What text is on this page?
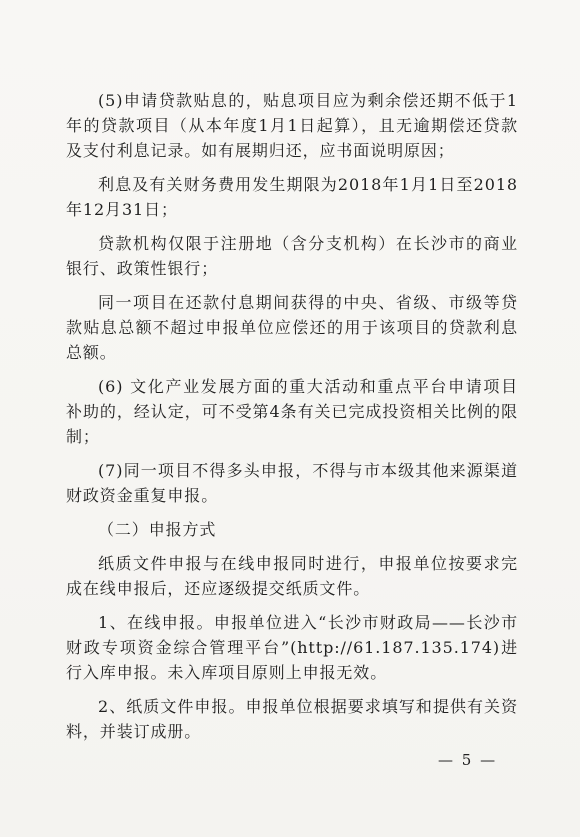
(5)申请贷款贴息的，贴息项目应为剩余偿还期不低于1年的贷款项目（从本年度1月1日起算），且无逾期偿还贷款及支付利息记录。如有展期归还，应书面说明原因；

利息及有关财务费用发生期限为2018年1月1日至2018年12月31日；

贷款机构仅限于注册地（含分支机构）在长沙市的商业银行、政策性银行；

同一项目在还款付息期间获得的中央、省级、市级等贷款贴息总额不超过申报单位应偿还的用于该项目的贷款利息总额。

(6) 文化产业发展方面的重大活动和重点平台申请项目补助的，经认定，可不受第4条有关已完成投资相关比例的限制；

(7)同一项目不得多头申报，不得与市本级其他来源渠道财政资金重复申报。

（二）申报方式

纸质文件申报与在线申报同时进行，申报单位按要求完成在线申报后，还应逐级提交纸质文件。

1、在线申报。申报单位进入“长沙市财政局——长沙市财政专项资金综合管理平台”(http://61.187.135.174)进行入库申报。未入库项目原则上申报无效。

2、纸质文件申报。申报单位根据要求填写和提供有关资料，并装订成册。

— 5 —
